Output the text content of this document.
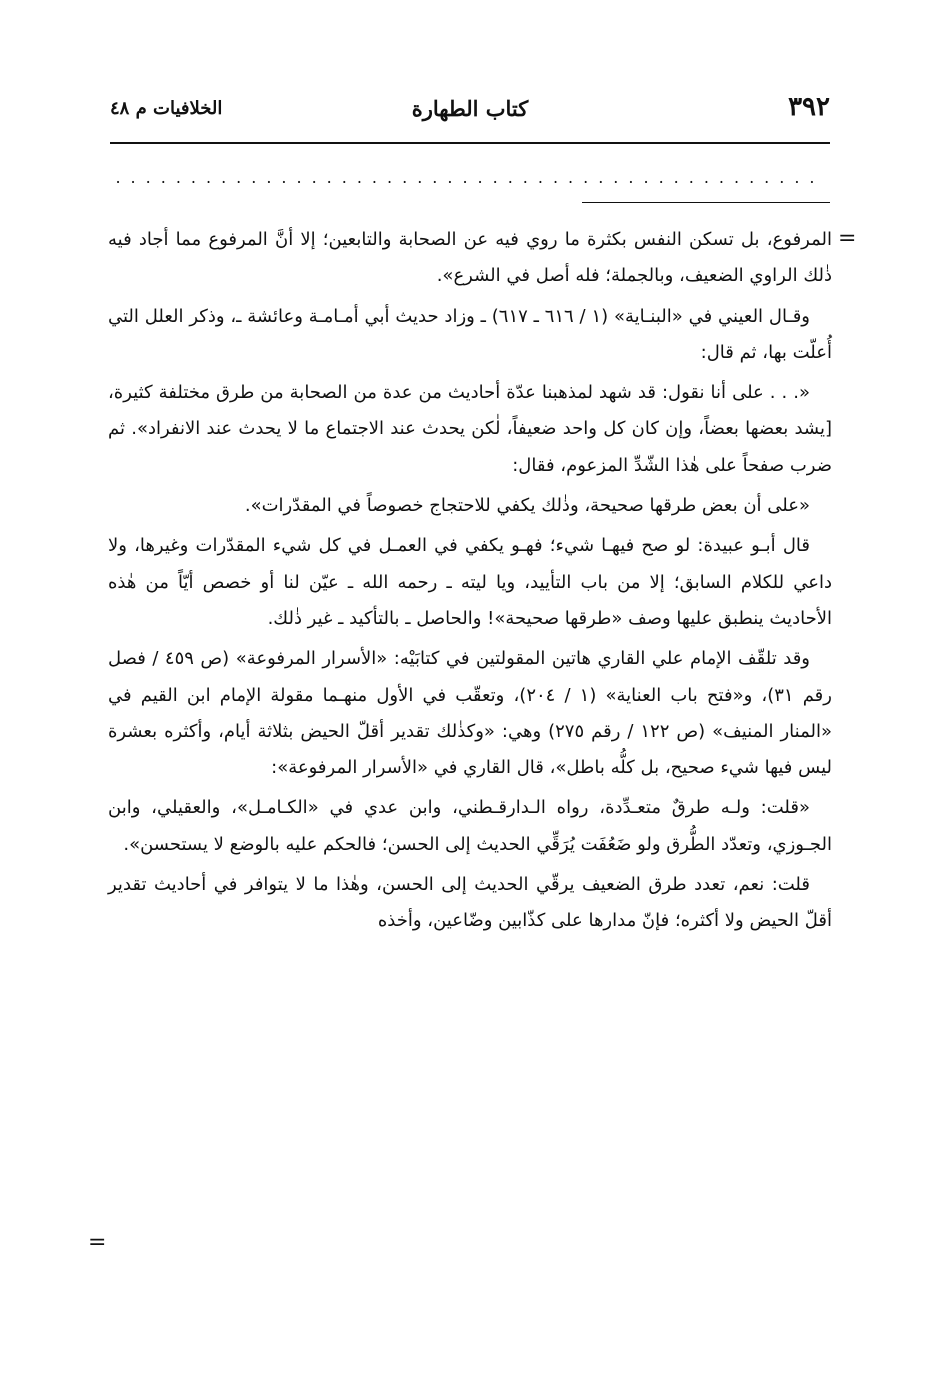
٣٩٢
كتاب الطهارة
الخلافيات م ٤٨
...............................................
=
=

المرفوع، بل تسكن النفس بكثرة ما روي فيه عن الصحابة والتابعين؛ إلا أنَّ المرفوع مما أجاد فيه ذٰلك الراوي الضعيف، وبالجملة؛ فله أصل في الشرع».

وقـال العيني في «البنـاية» (١ / ٦١٦ ـ ٦١٧) ـ وزاد حديث أبي أمـامـة وعائشة ـ، وذكر العلل التي أُعلّت بها، ثم قال:

«. . . على أنا نقول: قد شهد لمذهبنا عدّة أحاديث من عدة من الصحابة من طرق مختلفة كثيرة، [يشد بعضها بعضاً، وإن كان كل واحد ضعيفاً، لٰكن يحدث عند الاجتماع ما لا يحدث عند الانفراد». ثم ضرب صفحاً على هٰذا الشّدِّ المزعوم، فقال:

«على أن بعض طرقها صحيحة، وذٰلك يكفي للاحتجاج خصوصاً في المقدّرات».

قال أبـو عبيدة: لو صح فيهـا شيء؛ فهـو يكفي في العمـل في كل شيء المقدّرات وغيرها، ولا داعي للكلام السابق؛ إلا من باب التأييد، ويا ليته ـ رحمه الله ـ عيّن لنا أو خصص أيّاً من هٰذه الأحاديث ينطبق عليها وصف «طرقها صحيحة»! والحاصل ـ بالتأكيد ـ غير ذٰلك.

وقد تلقّف الإمام علي القاري هاتين المقولتين في كتابَيْه: «الأسرار المرفوعة» (ص ٤٥٩ / فصل رقم ٣١)، و«فتح باب العناية» (١ / ٢٠٤)، وتعقّب في الأول منهـما مقولة الإمام ابن القيم في «المنار المنيف» (ص ١٢٢ / رقم ٢٧٥) وهي: «وكذٰلك تقدير أقلّ الحيض بثلاثة أيام، وأكثره بعشرة ليس فيها شيء صحيح، بل كلُّه باطل»، قال القاري في «الأسرار المرفوعة»:

«قلت: ولـه طرقٌ متعـدِّدة، رواه الـدارقـطني، وابن عدي في «الكـامـل»، والعقيلي، وابن الجـوزي، وتعدّد الطُّرق ولو ضَعُفَت يُرَقِّي الحديث إلى الحسن؛ فالحكم عليه بالوضع لا يستحسن».

قلت: نعم، تعدد طرق الضعيف يرقّي الحديث إلى الحسن، وهٰذا ما لا يتوافر في أحاديث تقدير أقلّ الحيض ولا أكثره؛ فإنّ مدارها على كذّابين وضّاعين، وأخذه
